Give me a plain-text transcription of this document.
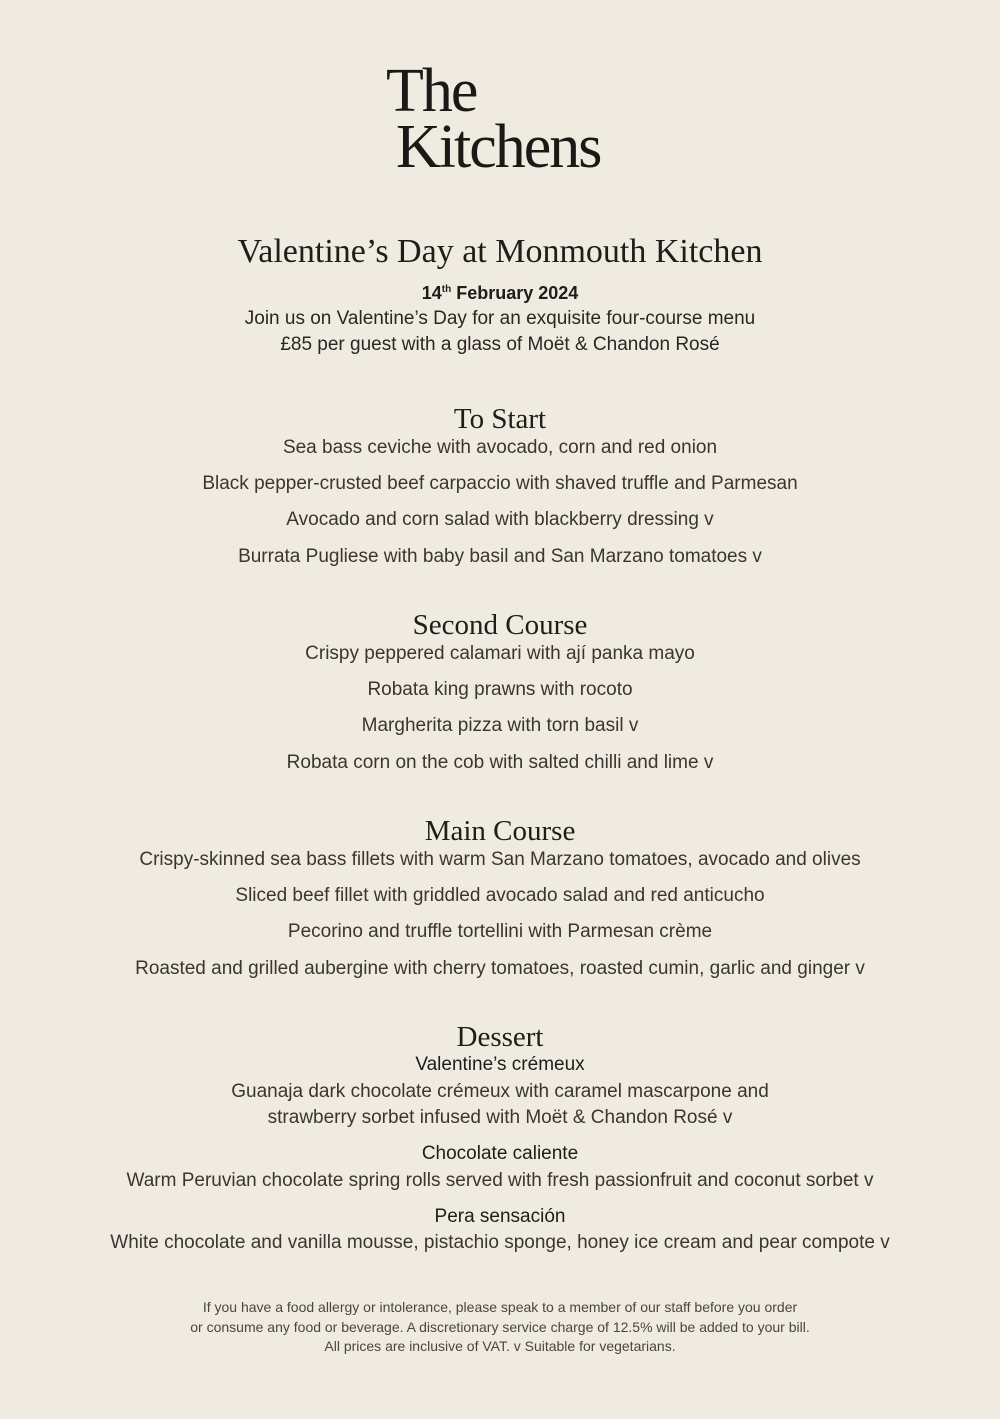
The
Kitchens
Valentine’s Day at Monmouth Kitchen
14th February 2024
Join us on Valentine’s Day for an exquisite four-course menu
£85 per guest with a glass of Moët & Chandon Rosé
To Start
Sea bass ceviche with avocado, corn and red onion
Black pepper-crusted beef carpaccio with shaved truffle and Parmesan
Avocado and corn salad with blackberry dressing v
Burrata Pugliese with baby basil and San Marzano tomatoes v
Second Course
Crispy peppered calamari with ají panka mayo
Robata king prawns with rocoto
Margherita pizza with torn basil v
Robata corn on the cob with salted chilli and lime v
Main Course
Crispy-skinned sea bass fillets with warm San Marzano tomatoes, avocado and olives
Sliced beef fillet with griddled avocado salad and red anticucho
Pecorino and truffle tortellini with Parmesan crème
Roasted and grilled aubergine with cherry tomatoes, roasted cumin, garlic and ginger v
Dessert
Valentine’s crémeux
Guanaja dark chocolate crémeux with caramel mascarpone and
strawberry sorbet infused with Moët & Chandon Rosé v
Chocolate caliente
Warm Peruvian chocolate spring rolls served with fresh passionfruit and coconut sorbet v
Pera sensación
White chocolate and vanilla mousse, pistachio sponge, honey ice cream and pear compote v
If you have a food allergy or intolerance, please speak to a member of our staff before you order
or consume any food or beverage. A discretionary service charge of 12.5% will be added to your bill.
All prices are inclusive of VAT. v Suitable for vegetarians.
